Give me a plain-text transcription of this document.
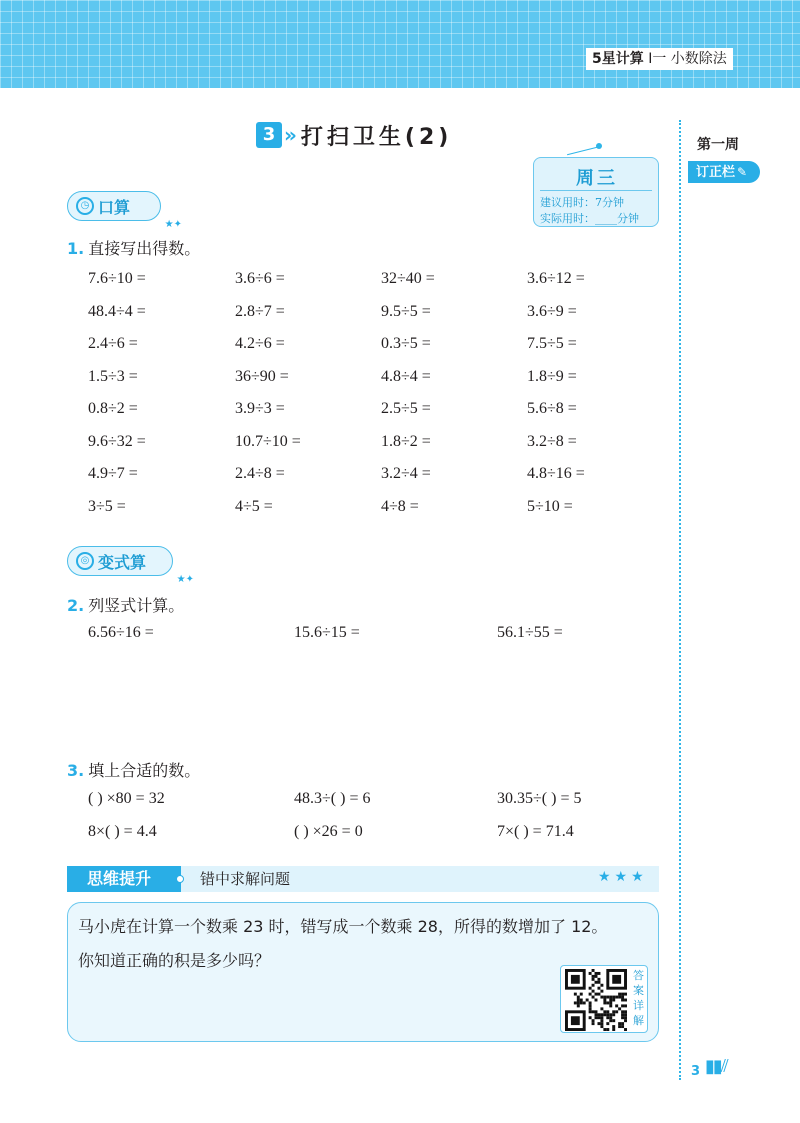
5星计算 I一 小数除法
第一周
订正栏 ✎
3 » 打扫卫生(2)
周三
建议用时：7分钟
实际用时：____分钟
◷ 口算
★✦
1. 直接写出得数。
7.6÷10 =	3.6÷6 =	32÷40 =	3.6÷12 =
48.4÷4 =	2.8÷7 =	9.5÷5 =	3.6÷9 =
2.4÷6 =	4.2÷6 =	0.3÷5 =	7.5÷5 =
1.5÷3 =	36÷90 =	4.8÷4 =	1.8÷9 =
0.8÷2 =	3.9÷3 =	2.5÷5 =	5.6÷8 =
9.6÷32 =	10.7÷10 =	1.8÷2 =	3.2÷8 =
4.9÷7 =	2.4÷8 =	3.2÷4 =	4.8÷16 =
3÷5 =	4÷5 =	4÷8 =	5÷10 =
◎ 变式算
★✦
2. 列竖式计算。
6.56÷16 =	15.6÷15 =	56.1÷55 =
3. 填上合适的数。
( ) ×80 = 32	48.3÷( ) = 6	30.35÷( ) = 5
8×( ) = 4.4	( ) ×26 = 0	7×( ) = 71.4
思维提升	错中求解问题	★★★
马小虎在计算一个数乘 23 时，错写成一个数乘 28，所得的数增加了 12。
你知道正确的积是多少吗？
答案详解
3 ▮▮⫽
